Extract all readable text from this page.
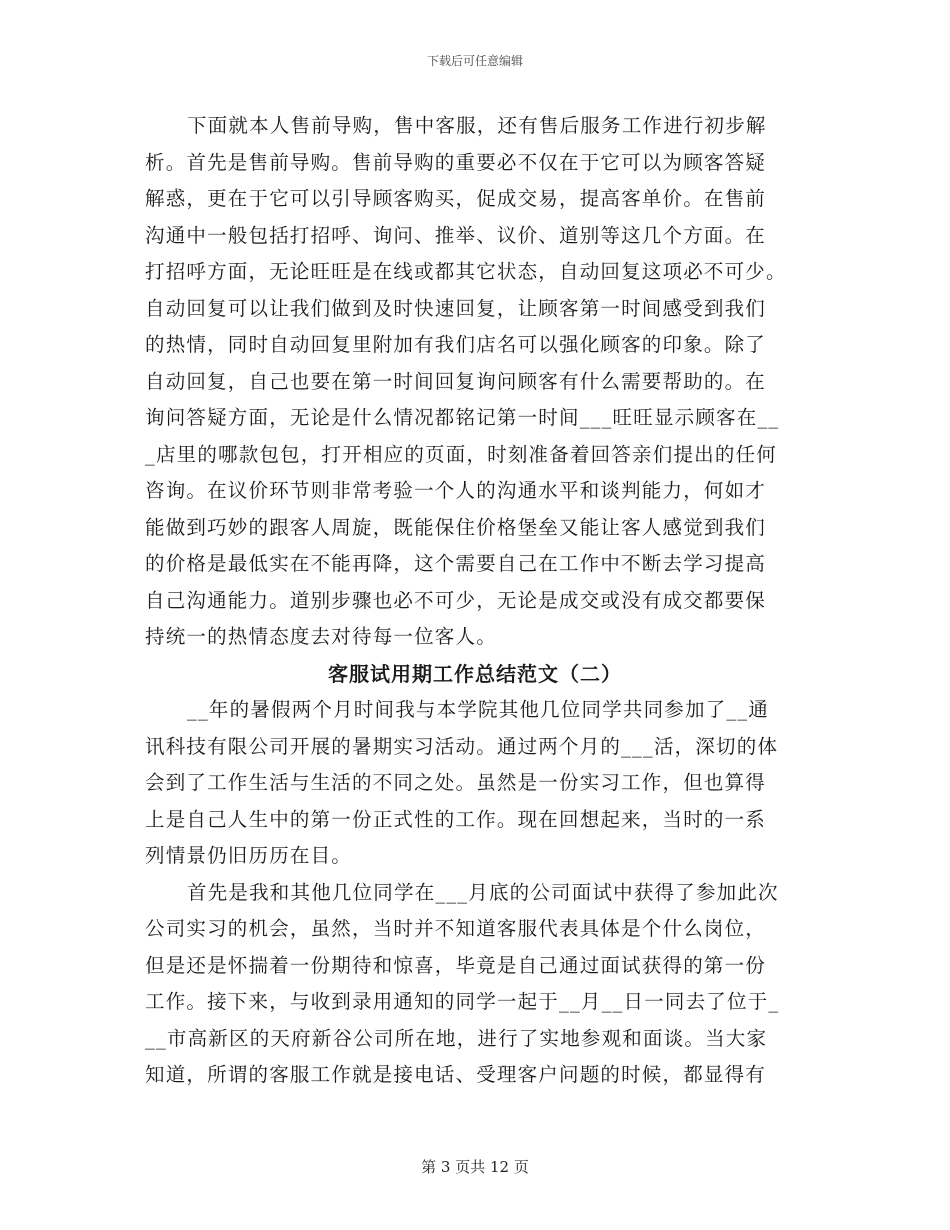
下载后可任意编辑
下面就本人售前导购，售中客服，还有售后服务工作进行初步解
析。首先是售前导购。售前导购的重要必不仅在于它可以为顾客答疑
解惑，更在于它可以引导顾客购买，促成交易，提高客单价。在售前
沟通中一般包括打招呼、询问、推举、议价、道别等这几个方面。在
打招呼方面，无论旺旺是在线或都其它状态，自动回复这项必不可少。
自动回复可以让我们做到及时快速回复，让顾客第一时间感受到我们
的热情，同时自动回复里附加有我们店名可以强化顾客的印象。除了
自动回复，自己也要在第一时间回复询问顾客有什么需要帮助的。在
询问答疑方面，无论是什么情况都铭记第一时间___旺旺显示顾客在__
_店里的哪款包包，打开相应的页面，时刻准备着回答亲们提出的任何
咨询。在议价环节则非常考验一个人的沟通水平和谈判能力，何如才
能做到巧妙的跟客人周旋，既能保住价格堡垒又能让客人感觉到我们
的价格是最低实在不能再降，这个需要自己在工作中不断去学习提高
自己沟通能力。道别步骤也必不可少，无论是成交或没有成交都要保
持统一的热情态度去对待每一位客人。
客服试用期工作总结范文（二）
__年的暑假两个月时间我与本学院其他几位同学共同参加了__通
讯科技有限公司开展的暑期实习活动。通过两个月的___活，深切的体
会到了工作生活与生活的不同之处。虽然是一份实习工作，但也算得
上是自己人生中的第一份正式性的工作。现在回想起来，当时的一系
列情景仍旧历历在目。
首先是我和其他几位同学在___月底的公司面试中获得了参加此次
公司实习的机会，虽然，当时并不知道客服代表具体是个什么岗位，
但是还是怀揣着一份期待和惊喜，毕竟是自己通过面试获得的第一份
工作。接下来，与收到录用通知的同学一起于__月__日一同去了位于_
__市高新区的天府新谷公司所在地，进行了实地参观和面谈。当大家
知道，所谓的客服工作就是接电话、受理客户问题的时候，都显得有
第 3 页共 12 页
